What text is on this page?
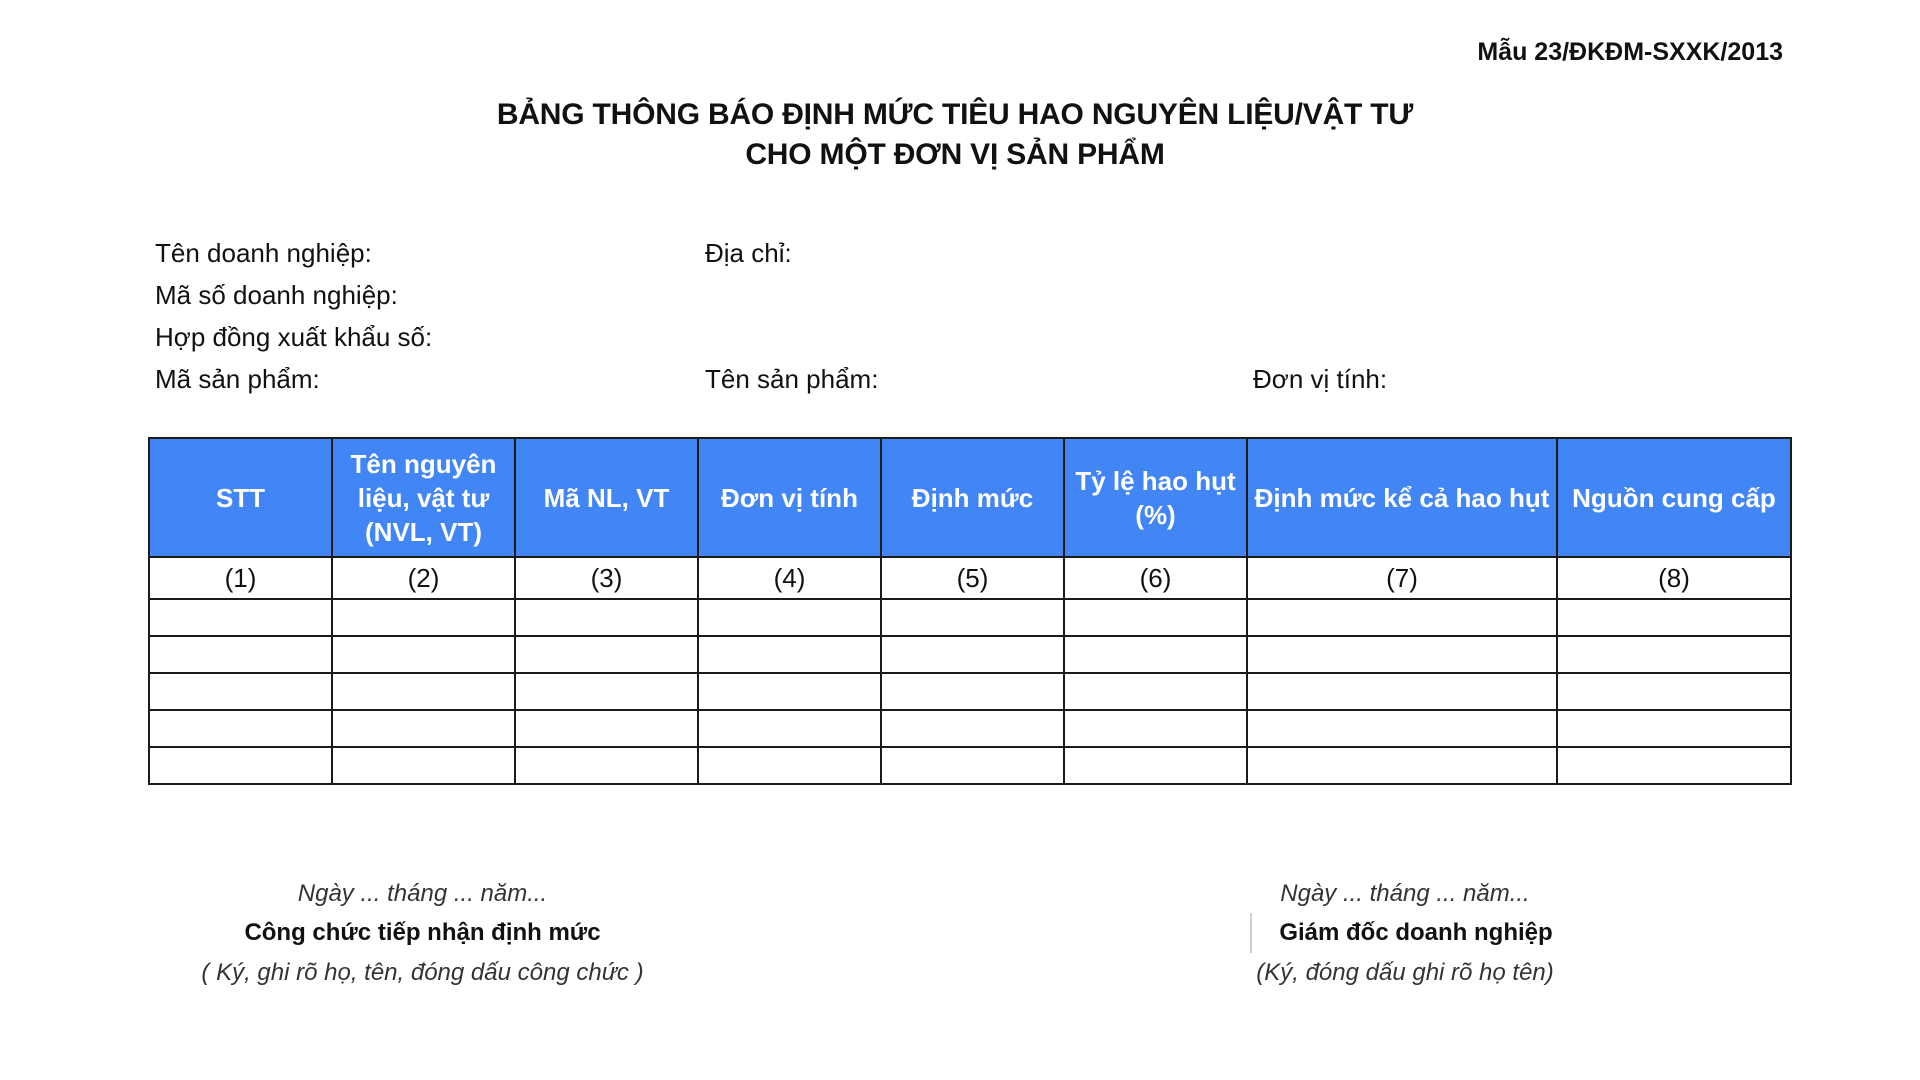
Mẫu 23/ĐKĐM-SXXK/2013
BẢNG THÔNG BÁO ĐỊNH MỨC TIÊU HAO NGUYÊN LIỆU/VẬT TƯ
CHO MỘT ĐƠN VỊ SẢN PHẨM
Tên doanh nghiệp:	Địa chỉ:
Mã số doanh nghiệp:
Hợp đồng xuất khẩu số:
Mã sản phẩm:	Tên sản phẩm:	Đơn vị tính:
STT	Tên nguyên liệu, vật tư (NVL, VT)	Mã NL, VT	Đơn vị tính	Định mức	Tỷ lệ hao hụt (%)	Định mức kể cả hao hụt	Nguồn cung cấp
(1)	(2)	(3)	(4)	(5)	(6)	(7)	(8)

Ngày ... tháng ... năm...
Công chức tiếp nhận định mức
( Ký, ghi rõ họ, tên, đóng dấu công chức )
Ngày ... tháng ... năm...
Giám đốc doanh nghiệp
(Ký, đóng dấu ghi rõ họ tên)
